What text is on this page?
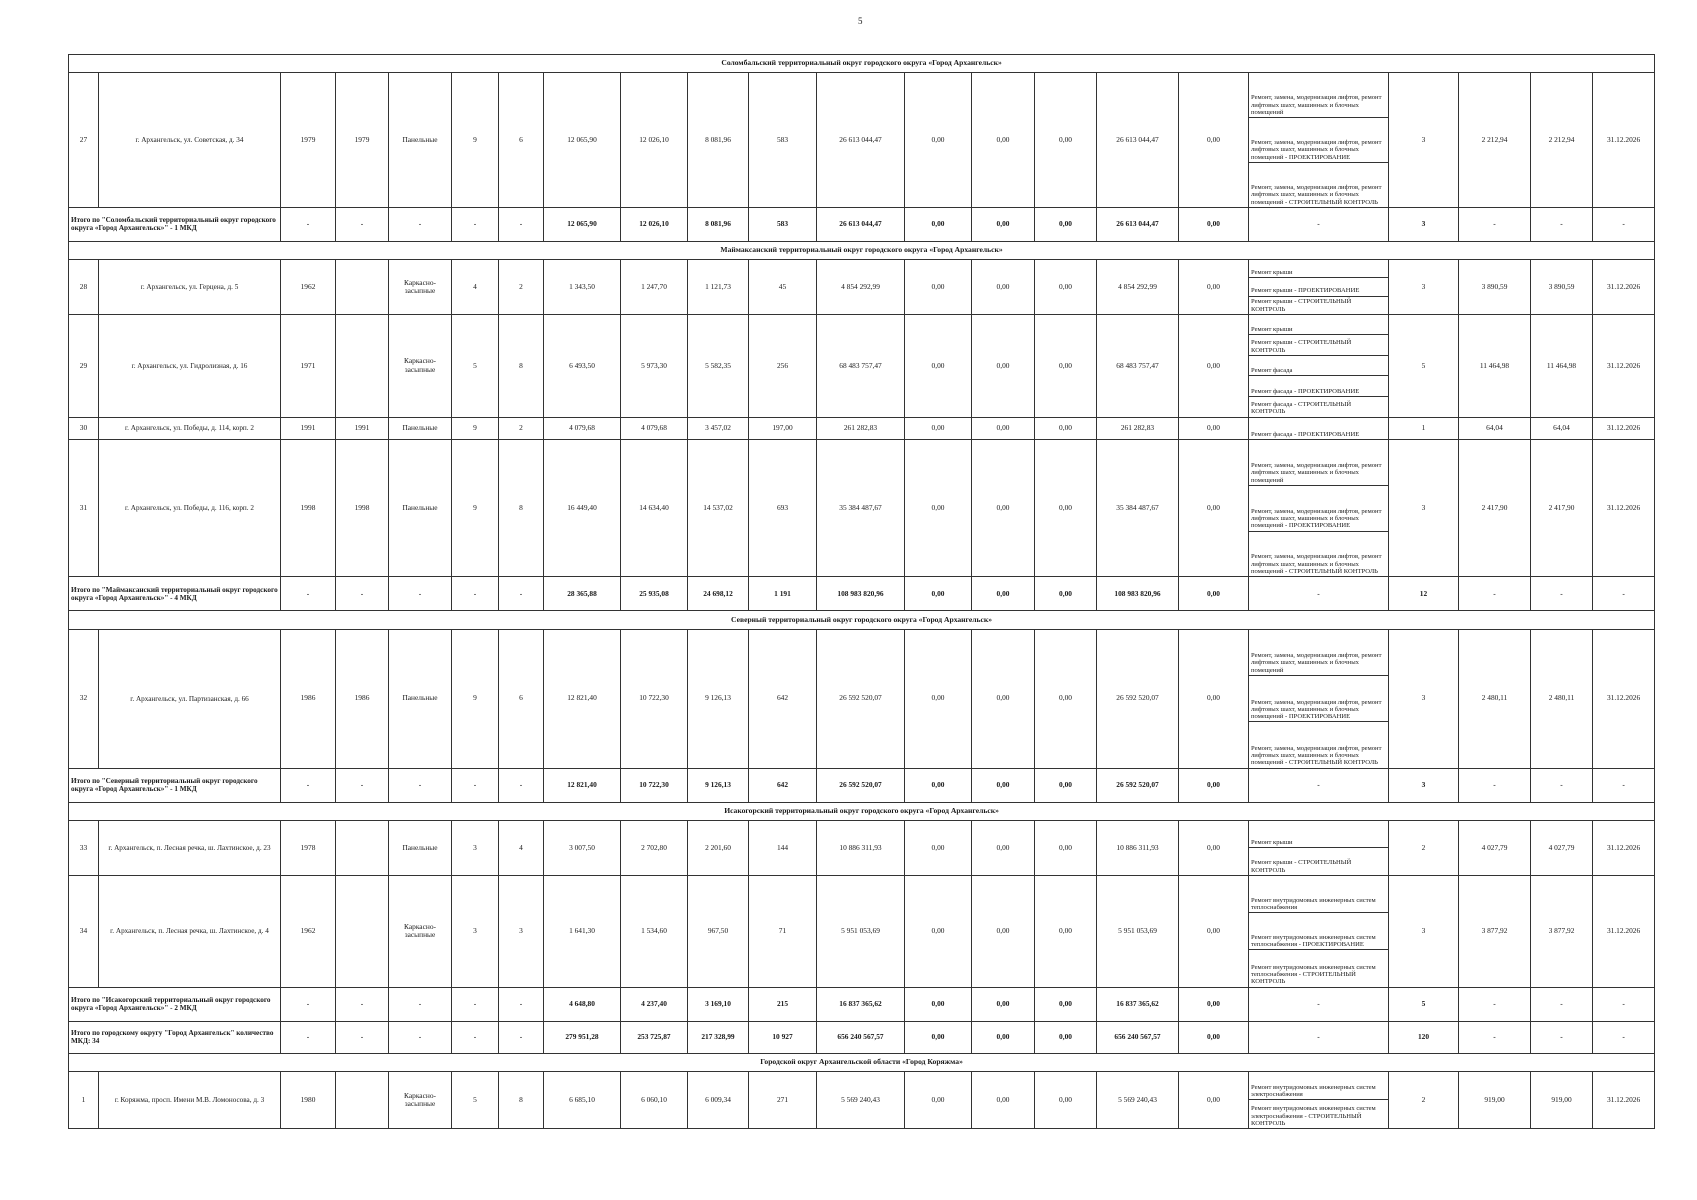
5
Соломбальский территориальный округ городского округа «Город Архангельск»																					
27	г. Архангельск, ул. Советская, д. 34	1979	1979	Панельные	9	6	12 065,90	12 026,10	8 081,96	583	26 613 044,47	0,00	0,00	0,00	26 613 044,47	0,00	Ремонт, замена, модернизация лифтов, ремонт лифтовых шахт, машинных и блочных помещений
Ремонт, замена, модернизация лифтов, ремонт лифтовых шахт, машинных и блочных помещений - ПРОЕКТИРОВАНИЕ
Ремонт, замена, модернизация лифтов, ремонт лифтовых шахт, машинных и блочных помещений - СТРОИТЕЛЬНЫЙ КОНТРОЛЬ	3	2 212,94	2 212,94	31.12.2026
Итого по "Соломбальский территориальный округ городского округа «Город Архангельск»" - 1 МКД		-	-	-	-	-	12 065,90	12 026,10	8 081,96	583	26 613 044,47	0,00	0,00	0,00	26 613 044,47	0,00	-	3	-	-	-
Маймаксанский территориальный округ городского округа «Город Архангельск»																					
28	г. Архангельск, ул. Герцена, д. 5	1962		Каркасно-засыпные	4	2	1 343,50	1 247,70	1 121,73	45	4 854 292,99	0,00	0,00	0,00	4 854 292,99	0,00	Ремонт крыши
Ремонт крыши - ПРОЕКТИРОВАНИЕ
Ремонт крыши - СТРОИТЕЛЬНЫЙ КОНТРОЛЬ	3	3 890,59	3 890,59	31.12.2026
29	г. Архангельск, ул. Гидролизная, д. 16	1971		Каркасно-засыпные	5	8	6 493,50	5 973,30	5 582,35	256	68 483 757,47	0,00	0,00	0,00	68 483 757,47	0,00	Ремонт крыши
Ремонт крыши - СТРОИТЕЛЬНЫЙ КОНТРОЛЬ
Ремонт фасада
Ремонт фасада - ПРОЕКТИРОВАНИЕ
Ремонт фасада - СТРОИТЕЛЬНЫЙ КОНТРОЛЬ	5	11 464,98	11 464,98	31.12.2026
30	г. Архангельск, ул. Победы, д. 114, корп. 2	1991	1991	Панельные	9	2	4 079,68	4 079,68	3 457,02	197,00	261 282,83	0,00	0,00	0,00	261 282,83	0,00	Ремонт фасада - ПРОЕКТИРОВАНИЕ	1	64,04	64,04	31.12.2026
31	г. Архангельск, ул. Победы, д. 116, корп. 2	1998	1998	Панельные	9	8	16 449,40	14 634,40	14 537,02	693	35 384 487,67	0,00	0,00	0,00	35 384 487,67	0,00	Ремонт, замена, модернизация лифтов, ремонт лифтовых шахт, машинных и блочных помещений
Ремонт, замена, модернизация лифтов, ремонт лифтовых шахт, машинных и блочных помещений - ПРОЕКТИРОВАНИЕ
Ремонт, замена, модернизация лифтов, ремонт лифтовых шахт, машинных и блочных помещений - СТРОИТЕЛЬНЫЙ КОНТРОЛЬ	3	2 417,90	2 417,90	31.12.2026
Итого по "Маймаксанский территориальный округ городского округа «Город Архангельск»" - 4 МКД		-	-	-	-	-	28 365,88	25 935,08	24 698,12	1 191	108 983 820,96	0,00	0,00	0,00	108 983 820,96	0,00	-	12	-	-	-
Северный территориальный округ городского округа «Город Архангельск»																					
32	г. Архангельск, ул. Партизанская, д. 66	1986	1986	Панельные	9	6	12 821,40	10 722,30	9 126,13	642	26 592 520,07	0,00	0,00	0,00	26 592 520,07	0,00	Ремонт, замена, модернизация лифтов, ремонт лифтовых шахт, машинных и блочных помещений
Ремонт, замена, модернизация лифтов, ремонт лифтовых шахт, машинных и блочных помещений - ПРОЕКТИРОВАНИЕ
Ремонт, замена, модернизация лифтов, ремонт лифтовых шахт, машинных и блочных помещений - СТРОИТЕЛЬНЫЙ КОНТРОЛЬ	3	2 480,11	2 480,11	31.12.2026
Итого по "Северный территориальный округ городского округа «Город Архангельск»" - 1 МКД		-	-	-	-	-	12 821,40	10 722,30	9 126,13	642	26 592 520,07	0,00	0,00	0,00	26 592 520,07	0,00	-	3	-	-	-
Исакогорский территориальный округ городского округа «Город Архангельск»																					
33	г. Архангельск, п. Лесная речка, ш. Лахтинское, д. 23	1978		Панельные	3	4	3 007,50	2 702,80	2 201,60	144	10 886 311,93	0,00	0,00	0,00	10 886 311,93	0,00	Ремонт крыши
Ремонт крыши - СТРОИТЕЛЬНЫЙ КОНТРОЛЬ	2	4 027,79	4 027,79	31.12.2026
34	г. Архангельск, п. Лесная речка, ш. Лахтинское, д. 4	1962		Каркасно-засыпные	3	3	1 641,30	1 534,60	967,50	71	5 951 053,69	0,00	0,00	0,00	5 951 053,69	0,00	Ремонт внутридомовых инженерных систем теплоснабжения
Ремонт внутридомовых инженерных систем теплоснабжения - ПРОЕКТИРОВАНИЕ
Ремонт внутридомовых инженерных систем теплоснабжения - СТРОИТЕЛЬНЫЙ КОНТРОЛЬ	3	3 877,92	3 877,92	31.12.2026
Итого по "Исакогорский территориальный округ городского округа «Город Архангельск»" - 2 МКД		-	-	-	-	-	4 648,80	4 237,40	3 169,10	215	16 837 365,62	0,00	0,00	0,00	16 837 365,62	0,00	-	5	-	-	-
Итого по городскому округу "Город Архангельск" количество МКД: 34		-	-	-	-	-	279 951,28	253 725,87	217 328,99	10 927	656 240 567,57	0,00	0,00	0,00	656 240 567,57	0,00	-	120	-	-	-
Городской округ Архангельской области «Город Коряжма»																					
1	г. Коряжма, просп. Имени М.В. Ломоносова, д. 3	1980		Каркасно-засыпные	5	8	6 685,10	6 060,10	6 009,34	271	5 569 240,43	0,00	0,00	0,00	5 569 240,43	0,00	Ремонт внутридомовых инженерных систем электроснабжения
Ремонт внутридомовых инженерных систем электроснабжения - СТРОИТЕЛЬНЫЙ КОНТРОЛЬ	2	919,00	919,00	31.12.2026
